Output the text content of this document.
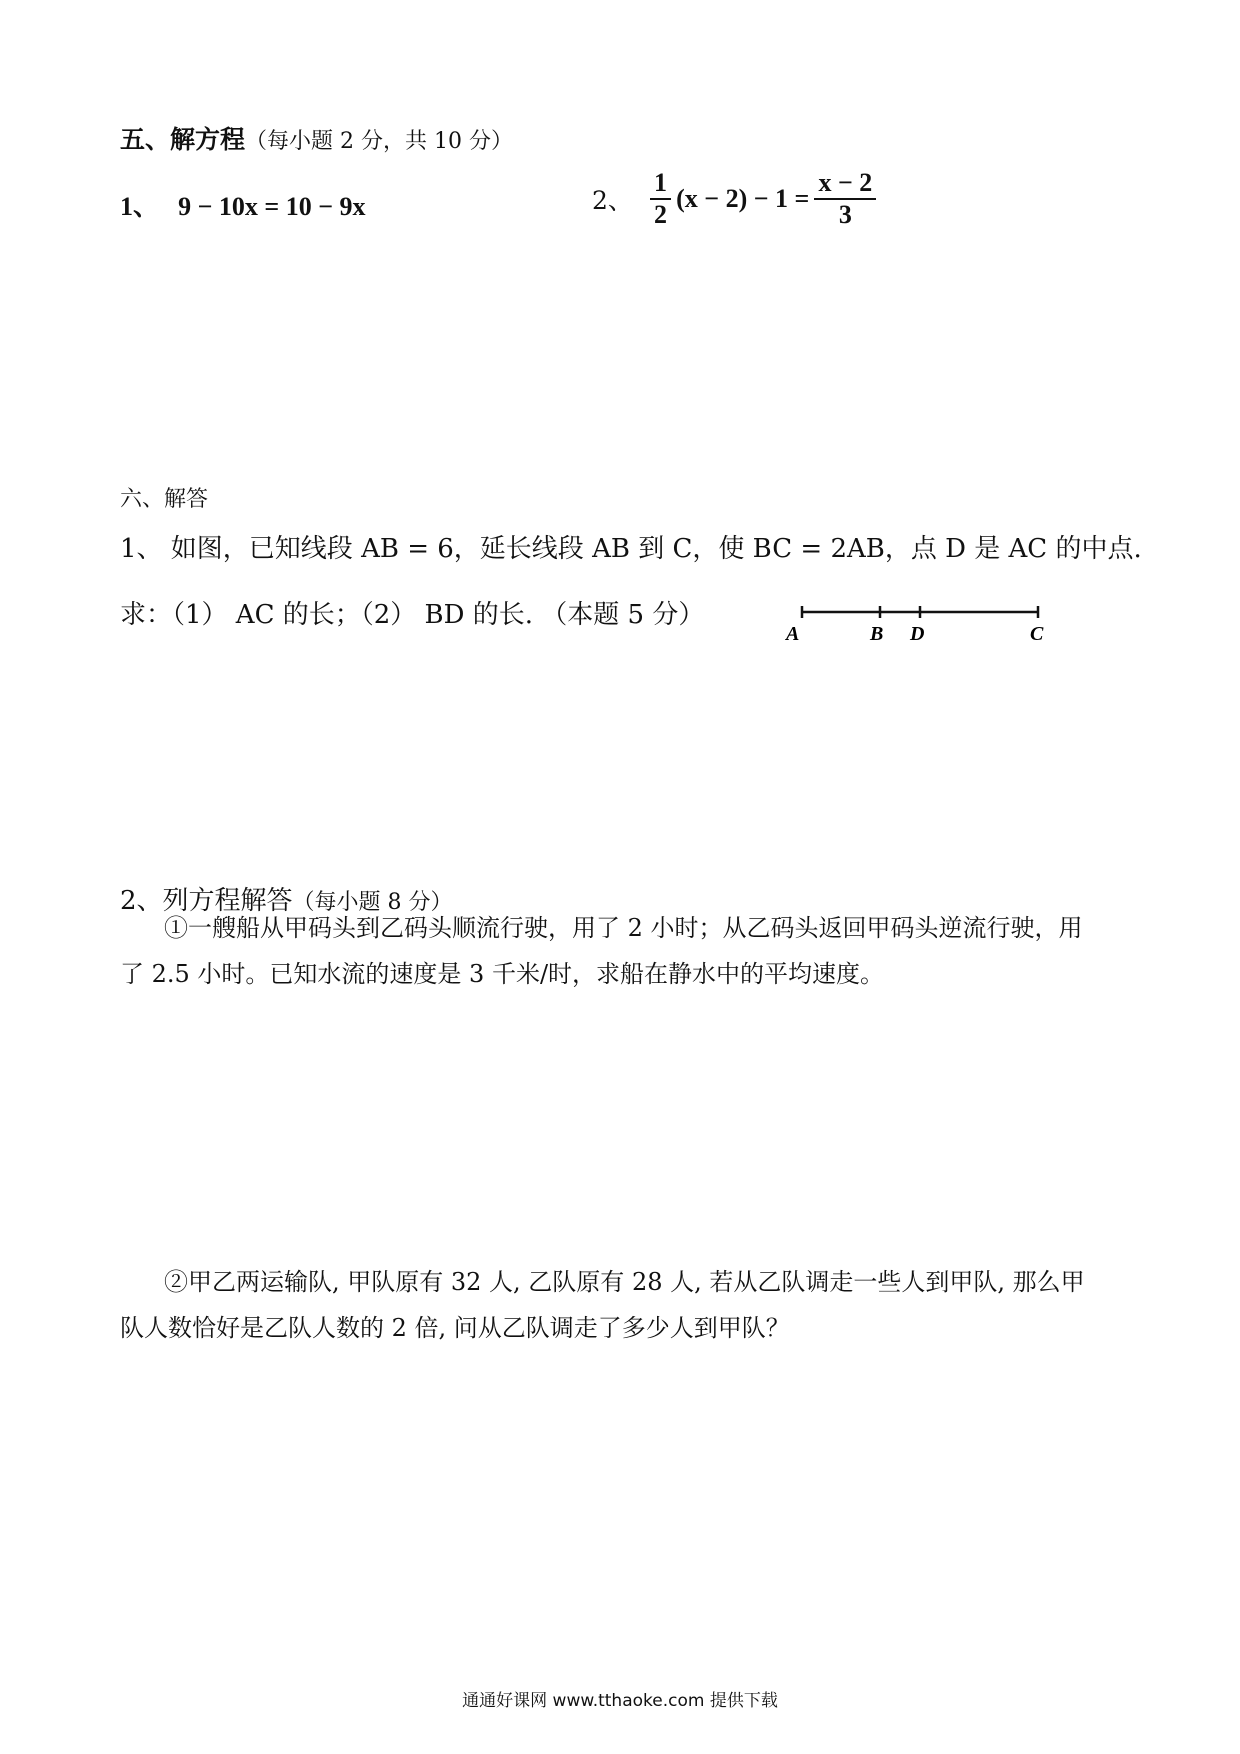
五、解方程（每小题 2 分，共 10 分）
1、 9 − 10x = 10 − 9x	2、 $\frac{1}{2} (x - 2) - 1 = \frac{x - 2}{3}$
六、解答
1、 如图，已知线段 AB = 6，延长线段 AB 到 C，使 BC = 2AB，点 D 是 AC 的中点.
求：（1） AC 的长；（2） BD 的长. （本题 5 分）
A	B D	C
2、列方程解答（每小题 8 分）
①一艘船从甲码头到乙码头顺流行驶，用了 2 小时；从乙码头返回甲码头逆流行驶，用
了 2.5 小时。已知水流的速度是 3 千米/时，求船在静水中的平均速度。
②甲乙两运输队, 甲队原有 32 人, 乙队原有 28 人, 若从乙队调走一些人到甲队, 那么甲
队人数恰好是乙队人数的 2 倍, 问从乙队调走了多少人到甲队？
通通好课网 www.tthaoke.com 提供下载
